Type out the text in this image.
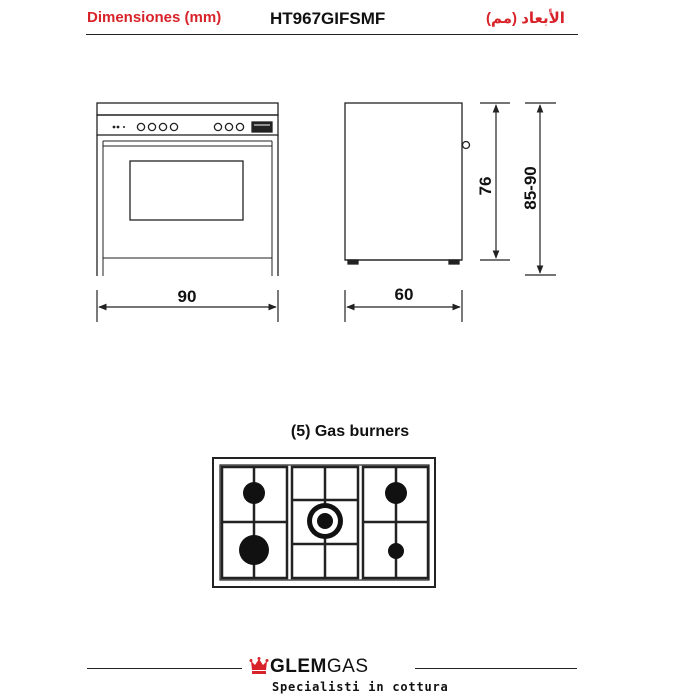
Dimensiones (mm)	HT967GIFSMF	الأبعاد (مم)
90	60
76 85-90
(5) Gas burners
GLEMGAS
Specialisti in cottura
